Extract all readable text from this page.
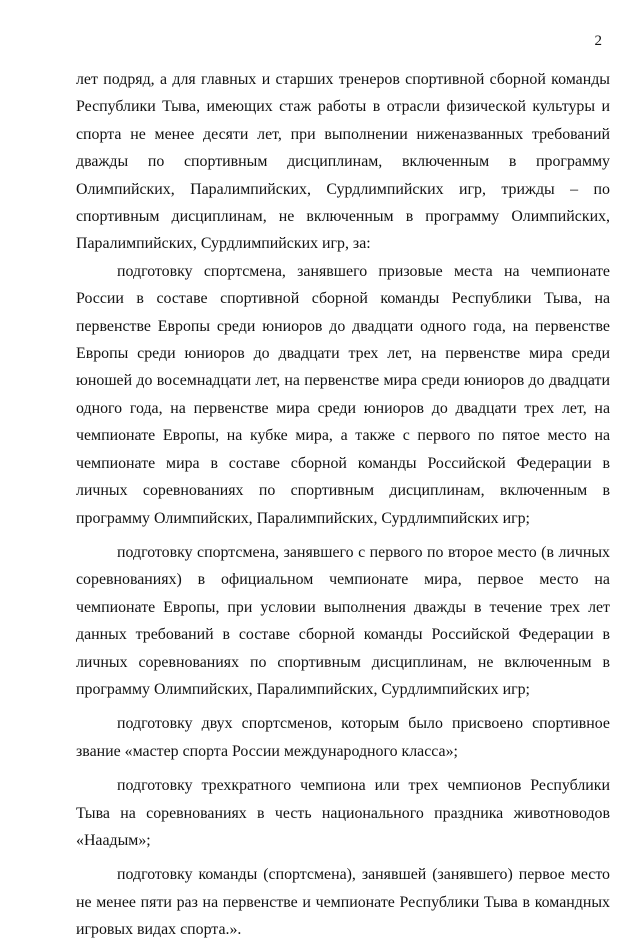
2

лет подряд, а для главных и старших тренеров спортивной сборной команды Республики Тыва, имеющих стаж работы в отрасли физической культуры и спорта не менее десяти лет, при выполнении ниженазванных требований дважды по спортивным дисциплинам, включенным в программу Олимпийских, Паралимпийских, Сурдлимпийских игр, трижды – по спортивным дисциплинам, не включенным в программу Олимпийских, Паралимпийских, Сурдлимпийских игр, за:

подготовку спортсмена, занявшего призовые места на чемпионате России в составе спортивной сборной команды Республики Тыва, на первенстве Европы среди юниоров до двадцати одного года, на первенстве Европы среди юниоров до двадцати трех лет, на первенстве мира среди юношей до восемнадцати лет, на первенстве мира среди юниоров до двадцати одного года, на первенстве мира среди юниоров до двадцати трех лет, на чемпионате Европы, на кубке мира, а также с первого по пятое место на чемпионате мира в составе сборной команды Российской Федерации в личных соревнованиях по спортивным дисциплинам, включенным в программу Олимпийских, Паралимпийских, Сурдлимпийских игр;

подготовку спортсмена, занявшего с первого по второе место (в личных соревнованиях) в официальном чемпионате мира, первое место на чемпионате Европы, при условии выполнения дважды в течение трех лет данных требований в составе сборной команды Российской Федерации в личных соревнованиях по спортивным дисциплинам, не включенным в программу Олимпийских, Паралимпийских, Сурдлимпийских игр;

подготовку двух спортсменов, которым было присвоено спортивное звание «мастер спорта России международного класса»;

подготовку трехкратного чемпиона или трех чемпионов Республики Тыва на соревнованиях в честь национального праздника животноводов «Наадым»;

подготовку команды (спортсмена), занявшей (занявшего) первое место не менее пяти раз на первенстве и чемпионате Республики Тыва в командных игровых видах спорта.».
